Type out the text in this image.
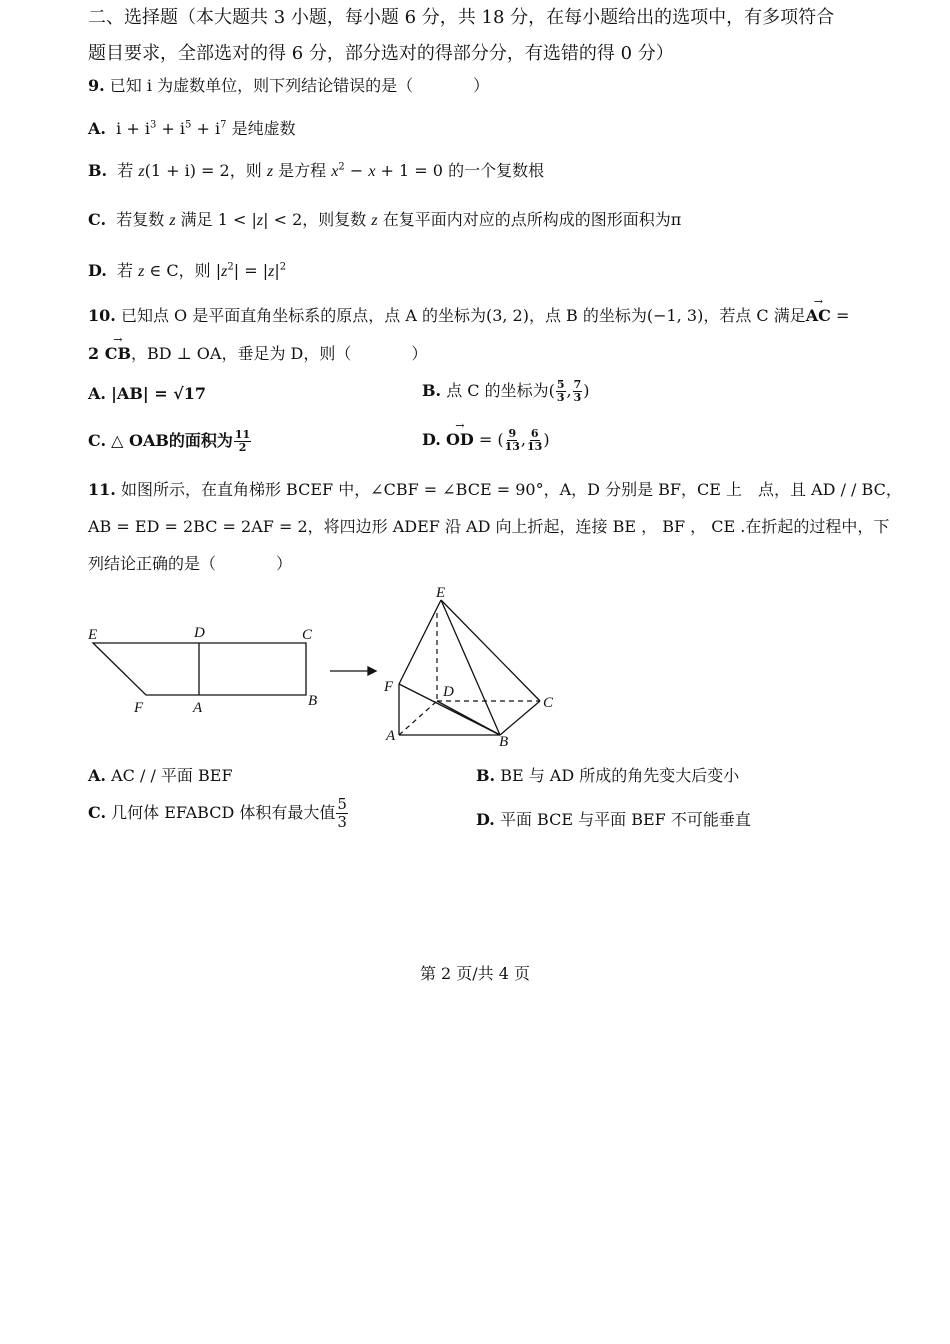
二、选择题（本大题共 3 小题，每小题 6 分，共 18 分，在每小题给出的选项中，有多项符合
题目要求，全部选对的得 6 分，部分选对的得部分分，有选错的得 0 分）
9. 已知 i 为虚数单位，则下列结论错误的是（	）
A. $i + i^3 + i^5 + i^7$ 是纯虚数
B. 若 z(1 + i) = 2，则 z 是方程 $x^2 - x + 1 = 0$ 的一个复数根
C. 若复数 z 满足 1 < |z| < 2，则复数 z 在复平面内对应的点所构成的图形面积为π
D. 若 z ∈ C，则 $|z^2| = |z|^2$
10. 已知点 O 是平面直角坐标系的原点，点 A 的坐标为(3, 2)，点 B 的坐标为(−1, 3)，若点 C 满足→ AC =
2 → CB，BD ⊥ OA，垂足为 D，则（	）
A. |AB| = √17	B. 点 C 的坐标为( $\frac{5}{3}$ , $\frac{7}{3}$ )
C. △ OAB的面积为 $\frac{11}{2}$	D. → OD = ( $\frac{9}{13}$ , $\frac{6}{13}$ )
11. 如图所示，在直角梯形 BCEF 中，∠CBF = ∠BCE = 90°，A，D 分别是 BF，CE 上　点，且 AD / / BC，
AB = ED = 2BC = 2AF = 2，将四边形 ADEF 沿 AD 向上折起，连接 BE ， BF ， CE .在折起的过程中，下
列结论正确的是（	）
E	D	C
F	A	B
E
F	D
C
A	B
A. AC / / 平面 BEF	B. BE 与 AD 所成的角先变大后变小
C. 几何体 EFABCD 体积有最大值 $\frac{5}{3}$	D. 平面 BCE 与平面 BEF 不可能垂直
第 2 页/共 4 页
